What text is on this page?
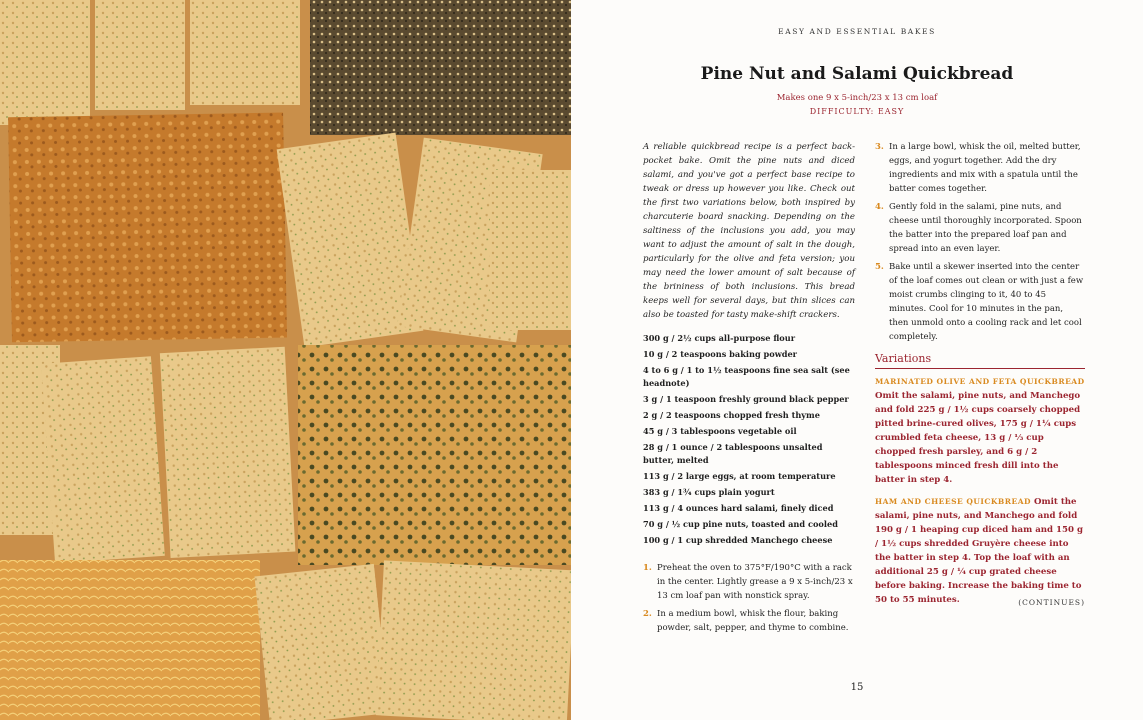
EASY AND ESSENTIAL BAKES
Pine Nut and Salami Quickbread
Makes one 9 x 5-inch/23 x 13 cm loaf
DIFFICULTY: EASY

A reliable quickbread recipe is a perfect back-pocket bake. Omit the pine nuts and diced salami, and you've got a perfect base recipe to tweak or dress up however you like. Check out the first two variations below, both inspired by charcuterie board snacking. Depending on the saltiness of the inclusions you add, you may want to adjust the amount of salt in the dough, particularly for the olive and feta version; you may need the lower amount of salt because of the brininess of both inclusions. This bread keeps well for several days, but thin slices can also be toasted for tasty make-shift crackers.

300 g / 2½ cups all-purpose flour
10 g / 2 teaspoons baking powder
4 to 6 g / 1 to 1½ teaspoons fine sea salt (see headnote)
3 g / 1 teaspoon freshly ground black pepper
2 g / 2 teaspoons chopped fresh thyme
45 g / 3 tablespoons vegetable oil
28 g / 1 ounce / 2 tablespoons unsalted butter, melted
113 g / 2 large eggs, at room temperature
383 g / 1¾ cups plain yogurt
113 g / 4 ounces hard salami, finely diced
70 g / ½ cup pine nuts, toasted and cooled
100 g / 1 cup shredded Manchego cheese
1. Preheat the oven to 375°F/190°C with a rack in the center. Lightly grease a 9 x 5-inch/23 x 13 cm loaf pan with nonstick spray.
2. In a medium bowl, whisk the flour, baking powder, salt, pepper, and thyme to combine.
3. In a large bowl, whisk the oil, melted butter, eggs, and yogurt together. Add the dry ingredients and mix with a spatula until the batter comes together.
4. Gently fold in the salami, pine nuts, and cheese until thoroughly incorporated. Spoon the batter into the prepared loaf pan and spread into an even layer.
5. Bake until a skewer inserted into the center of the loaf comes out clean or with just a few moist crumbs clinging to it, 40 to 45 minutes. Cool for 10 minutes in the pan, then unmold onto a cooling rack and let cool completely.
Variations

MARINATED OLIVE AND FETA QUICKBREAD Omit the salami, pine nuts, and Manchego and fold 225 g / 1½ cups coarsely chopped pitted brine-cured olives, 175 g / 1¼ cups crumbled feta cheese, 13 g / ⅓ cup chopped fresh parsley, and 6 g / 2 tablespoons minced fresh dill into the batter in step 4.

HAM AND CHEESE QUICKBREAD Omit the salami, pine nuts, and Manchego and fold 190 g / 1 heaping cup diced ham and 150 g / 1½ cups shredded Gruyère cheese into the batter in step 4. Top the loaf with an additional 25 g / ¼ cup grated cheese before baking. Increase the baking time to 50 to 55 minutes.	(CONTINUES)
15
